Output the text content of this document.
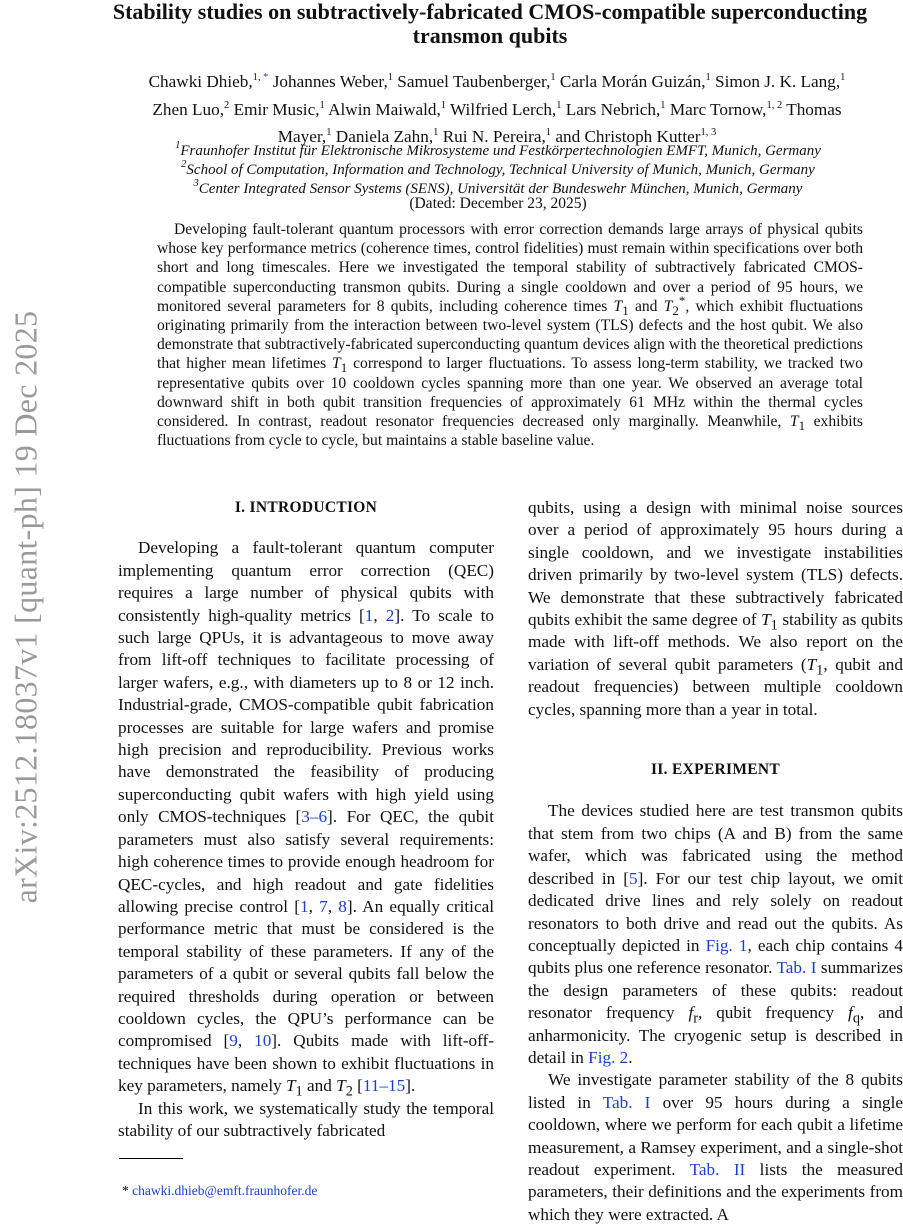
arXiv:2512.18037v1 [quant-ph] 19 Dec 2025
Stability studies on subtractively-fabricated CMOS-compatible superconducting transmon qubits
Chawki Dhieb,$^{1, *}$ Johannes Weber,$^1$ Samuel Taubenberger,$^1$ Carla Morán Guizán,$^1$ Simon J. K. Lang,$^1$ Zhen Luo,$^2$ Emir Music,$^1$ Alwin Maiwald,$^1$ Wilfried Lerch,$^1$ Lars Nebrich,$^1$ Marc Tornow,$^{1, 2}$ Thomas Mayer,$^1$ Daniela Zahn,$^1$ Rui N. Pereira,$^1$ and Christoph Kutter$^{1, 3}$
$^1$Fraunhofer Institut für Elektronische Mikrosysteme und Festkörpertechnologien EMFT, Munich, Germany
$^2$School of Computation, Information and Technology, Technical University of Munich, Munich, Germany
$^3$Center Integrated Sensor Systems (SENS), Universität der Bundeswehr München, Munich, Germany
(Dated: December 23, 2025)

Developing fault-tolerant quantum processors with error correction demands large arrays of physical qubits whose key performance metrics (coherence times, control fidelities) must remain within specifications over both short and long timescales. Here we investigated the temporal stability of subtractively fabricated CMOS-compatible superconducting transmon qubits. During a single cooldown and over a period of 95 hours, we monitored several parameters for 8 qubits, including coherence times $T_1$ and $T_2^*$, which exhibit fluctuations originating primarily from the interaction between two-level system (TLS) defects and the host qubit. We also demonstrate that subtractively-fabricated superconducting quantum devices align with the theoretical predictions that higher mean lifetimes $T_1$ correspond to larger fluctuations. To assess long-term stability, we tracked two representative qubits over 10 cooldown cycles spanning more than one year. We observed an average total downward shift in both qubit transition frequencies of approximately 61 MHz within the thermal cycles considered. In contrast, readout resonator frequencies decreased only marginally. Meanwhile, $T_1$ exhibits fluctuations from cycle to cycle, but maintains a stable baseline value.

I. INTRODUCTION

Developing a fault-tolerant quantum computer implementing quantum error correction (QEC) requires a large number of physical qubits with consistently high-quality metrics [1, 2]. To scale to such large QPUs, it is advantageous to move away from lift-off techniques to facilitate processing of larger wafers, e.g., with diameters up to 8 or 12 inch. Industrial-grade, CMOS-compatible qubit fabrication processes are suitable for large wafers and promise high precision and reproducibility. Previous works have demonstrated the feasibility of producing superconducting qubit wafers with high yield using only CMOS-techniques [3–6]. For QEC, the qubit parameters must also satisfy several requirements: high coherence times to provide enough headroom for QEC-cycles, and high readout and gate fidelities allowing precise control [1, 7, 8]. An equally critical performance metric that must be considered is the temporal stability of these parameters. If any of the parameters of a qubit or several qubits fall below the required thresholds during operation or between cooldown cycles, the QPU’s performance can be compromised [9, 10]. Qubits made with lift-off-techniques have been shown to exhibit fluctuations in key parameters, namely $T_1$ and $T_2$ [11–15].

In this work, we systematically study the temporal stability of our subtractively fabricated

qubits, using a design with minimal noise sources over a period of approximately 95 hours during a single cooldown, and we investigate instabilities driven primarily by two-level system (TLS) defects. We demonstrate that these subtractively fabricated qubits exhibit the same degree of $T_1$ stability as qubits made with lift-off methods. We also report on the variation of several qubit parameters ($T_1$, qubit and readout frequencies) between multiple cooldown cycles, spanning more than a year in total.

II. EXPERIMENT

The devices studied here are test transmon qubits that stem from two chips (A and B) from the same wafer, which was fabricated using the method described in [5]. For our test chip layout, we omit dedicated drive lines and rely solely on readout resonators to both drive and read out the qubits. As conceptually depicted in Fig. 1, each chip contains 4 qubits plus one reference resonator. Tab. I summarizes the design parameters of these qubits: readout resonator frequency $f_r$, qubit frequency $f_q$, and anharmonicity. The cryogenic setup is described in detail in Fig. 2.

We investigate parameter stability of the 8 qubits listed in Tab. I over 95 hours during a single cooldown, where we perform for each qubit a lifetime measurement, a Ramsey experiment, and a single-shot readout experiment. Tab. II lists the measured parameters, their definitions and the experiments from which they were extracted. A

* chawki.dhieb@emft.fraunhofer.de
